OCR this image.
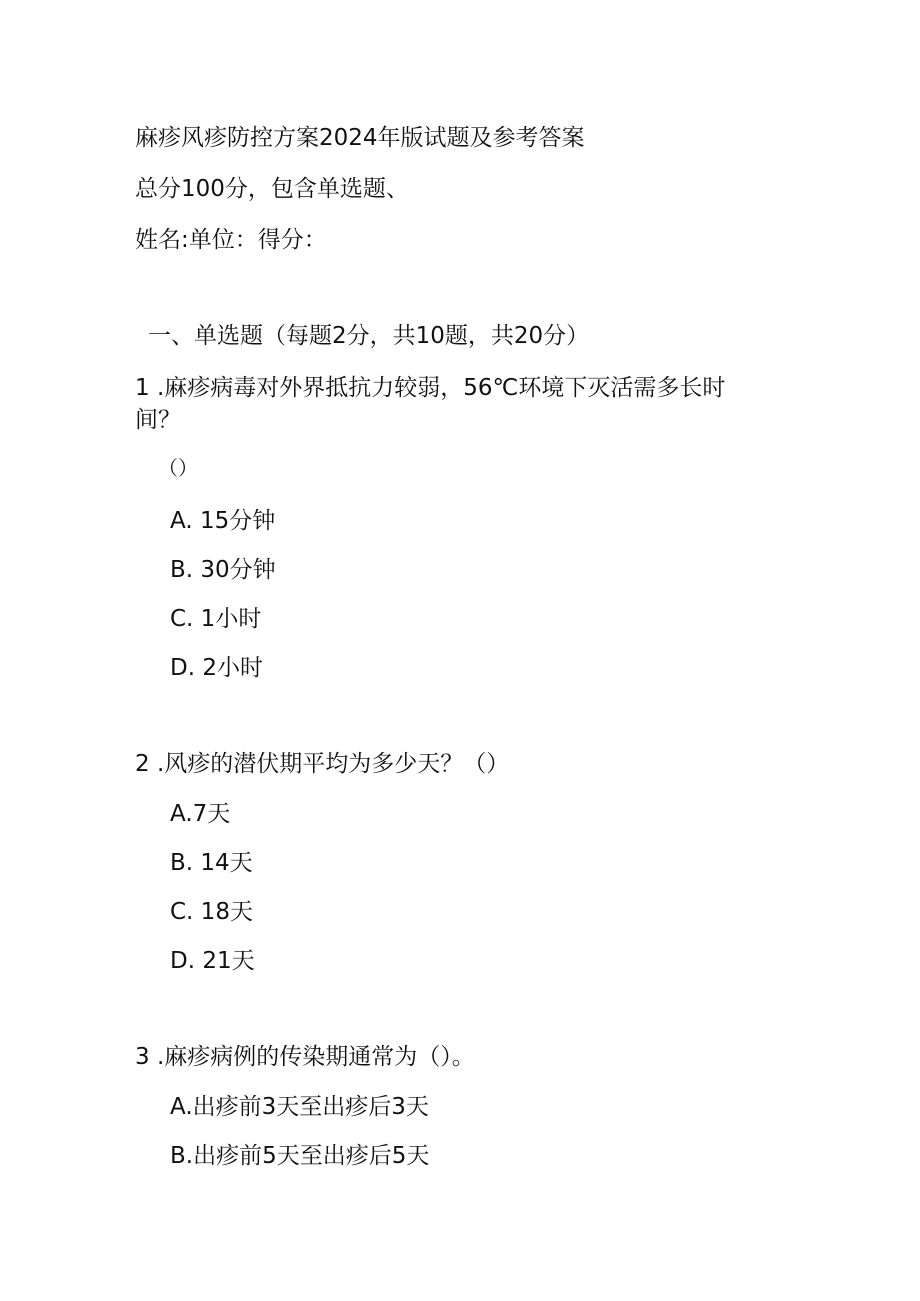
麻疹风疹防控方案2024年版试题及参考答案
总分100分，包含单选题、
姓名:单位：得分：
一、单选题（每题2分，共10题，共20分）
1 .麻疹病毒对外界抵抗力较弱，56℃环境下灭活需多长时
间？
（）
A. 15分钟
B. 30分钟
C. 1小时
D. 2小时
2 .风疹的潜伏期平均为多少天？（）
A.7天
B. 14天
C. 18天
D. 21天
3 .麻疹病例的传染期通常为（）。
A.出疹前3天至出疹后3天
B.出疹前5天至出疹后5天
